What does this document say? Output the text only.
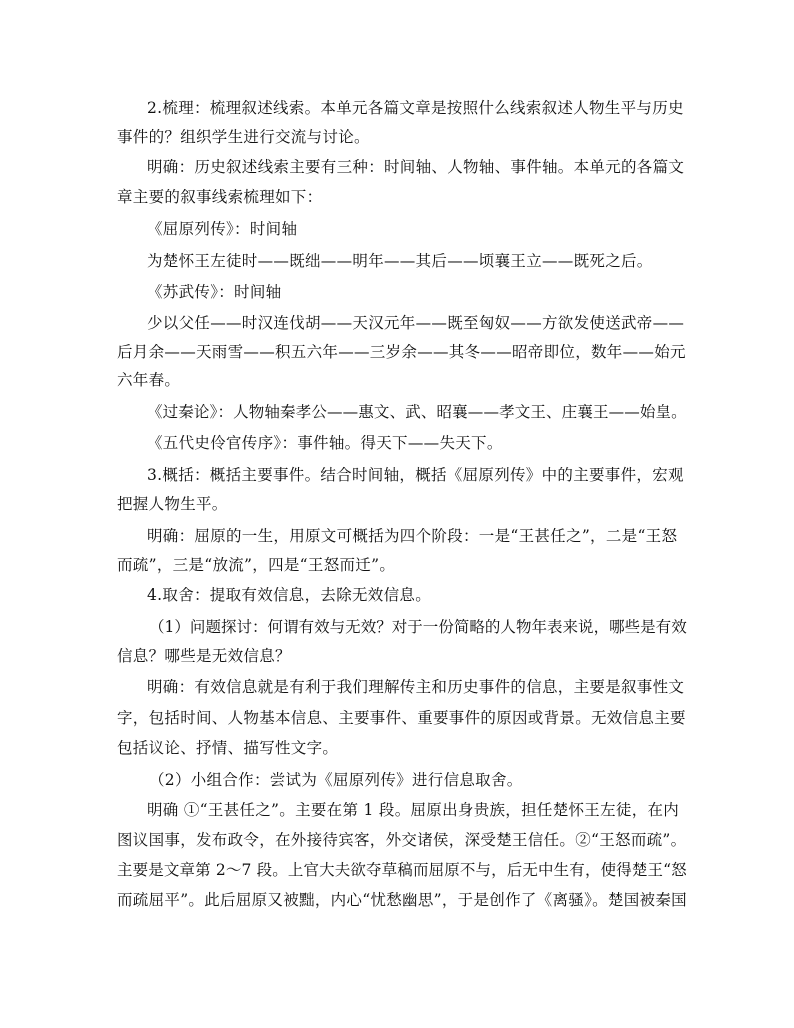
2.梳理：梳理叙述线索。本单元各篇文章是按照什么线索叙述人物生平与历史
事件的？组织学生进行交流与讨论。
明确：历史叙述线索主要有三种：时间轴、人物轴、事件轴。本单元的各篇文
章主要的叙事线索梳理如下：
《屈原列传》：时间轴
为楚怀王左徒时——既绌——明年——其后——顷襄王立——既死之后。
《苏武传》：时间轴
少以父任——时汉连伐胡——天汉元年——既至匈奴——方欲发使送武帝——
后月余——天雨雪——积五六年——三岁余——其冬——昭帝即位，数年——始元
六年春。
《过秦论》：人物轴秦孝公——惠文、武、昭襄——孝文王、庄襄王——始皇。
《五代史伶官传序》：事件轴。得天下——失天下。
3.概括：概括主要事件。结合时间轴，概括《屈原列传》中的主要事件，宏观
把握人物生平。
明确：屈原的一生，用原文可概括为四个阶段：一是“王甚任之”，二是“王怒
而疏”，三是“放流”，四是“王怒而迁”。
4.取舍：提取有效信息，去除无效信息。
（1）问题探讨：何谓有效与无效？对于一份简略的人物年表来说，哪些是有效
信息？哪些是无效信息？
明确：有效信息就是有利于我们理解传主和历史事件的信息，主要是叙事性文
字，包括时间、人物基本信息、主要事件、重要事件的原因或背景。无效信息主要
包括议论、抒情、描写性文字。
（2）小组合作：尝试为《屈原列传》进行信息取舍。
明确 ①“王甚任之”。主要在第 1 段。屈原出身贵族，担任楚怀王左徒，在内
图议国事，发布政令，在外接待宾客，外交诸侯，深受楚王信任。②“王怒而疏”。
主要是文章第 2～7 段。上官大夫欲夺草稿而屈原不与，后无中生有，使得楚王“怒
而疏屈平”。此后屈原又被黜，内心“忧愁幽思”，于是创作了《离骚》。楚国被秦国
